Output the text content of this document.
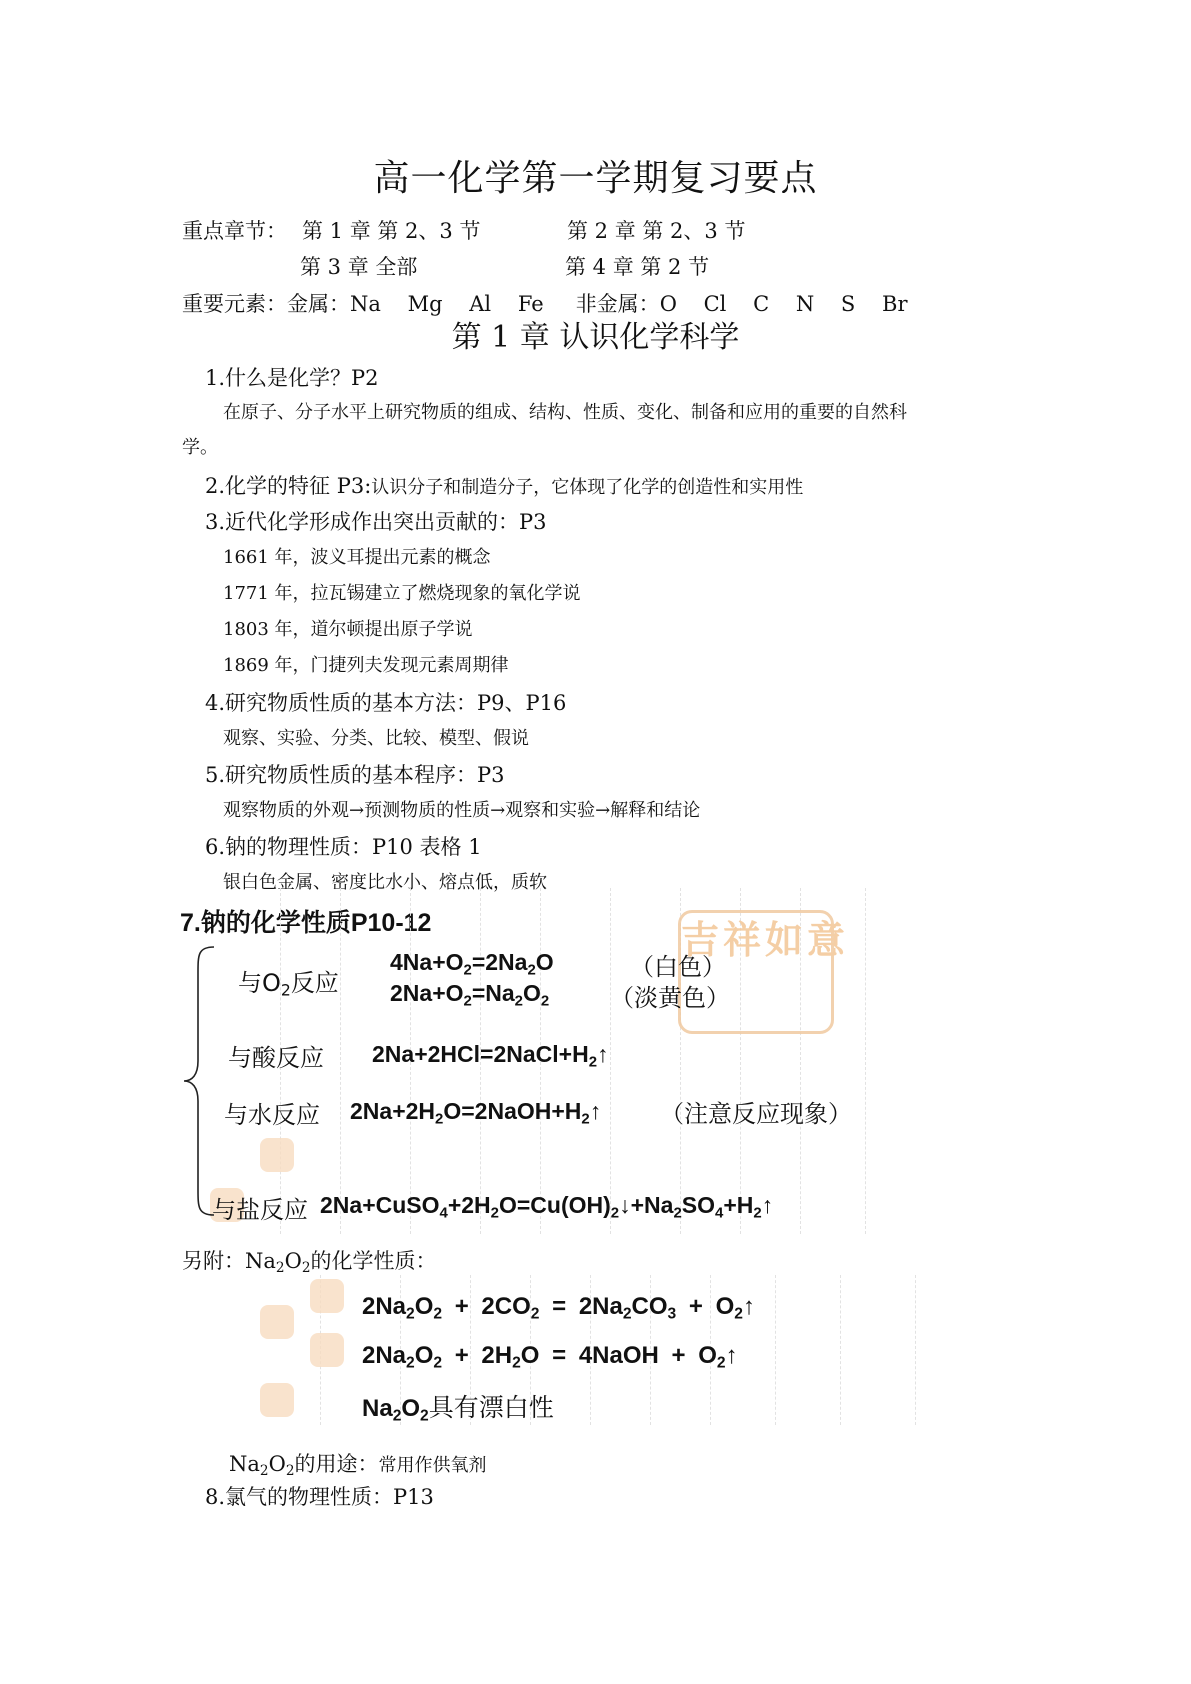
高一化学第一学期复习要点
重点章节： 第 1 章 第 2、3 节	第 2 章 第 2、3 节
第 3 章 全部	第 4 章 第 2 节
重要元素：金属：Na    Mg    Al    Fe 非金属：O    Cl    C    N    S    Br
第 1 章 认识化学科学
1.什么是化学？P2
在原子、分子水平上研究物质的组成、结构、性质、变化、制备和应用的重要的自然科
学。
2.化学的特征 P3:认识分子和制造分子，它体现了化学的创造性和实用性
3.近代化学形成作出突出贡献的：P3
1661 年，波义耳提出元素的概念
1771 年，拉瓦锡建立了燃烧现象的氧化学说
1803 年，道尔顿提出原子学说
1869 年，门捷列夫发现元素周期律
4.研究物质性质的基本方法：P9、P16
观察、实验、分类、比较、模型、假说
5.研究物质性质的基本程序：P3
观察物质的外观→预测物质的性质→观察和实验→解释和结论
6.钠的物理性质：P10 表格 1
银白色金属、密度比水小、熔点低，质软
7.钠的化学性质P10-12	吉祥如意
与$O_2$反应
$4Na+O_2=2Na_2O$	（白色）
$2Na+O_2=Na_2O_2$	（淡黄色）
与酸反应 $2Na+2HCl=2NaCl+H_2↑$
与水反应 $2Na+2H_2O=2NaOH+H_2↑$ （注意反应现象）
与盐反应 $2Na+CuSO_4+2H_2O=Cu(OH)_2↓+Na_2SO_4+H_2↑$
另附：$Na_2O_2$的化学性质：
$2Na_2O_2 + 2CO_2 = 2Na_2CO_3$ + $O_2↑$
$2Na_2O_2 + 2H_2O$ = 4NaOH + $O_2↑$
$Na_2O_2$具有漂白性
$Na_2O_2$的用途：常用作供氧剂
8.氯气的物理性质：P13
